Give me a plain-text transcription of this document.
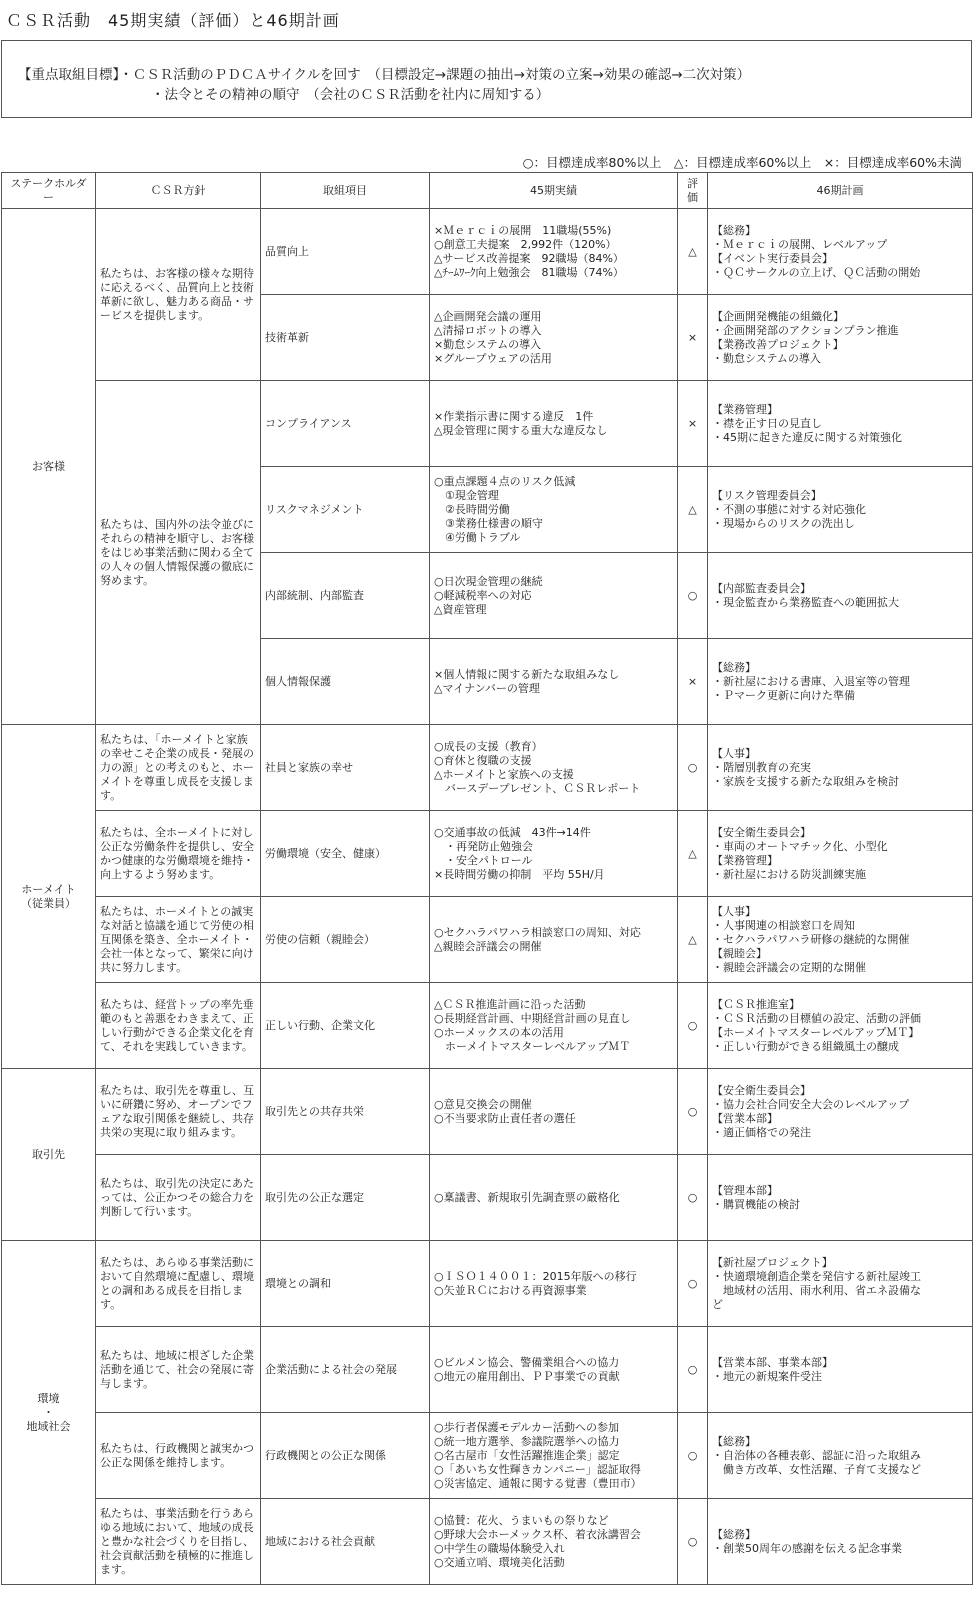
ＣＳＲ活動　45期実績（評価）と46期計画
【重点取組目標】・ＣＳＲ活動のＰＤＣＡサイクルを回す　（目標設定→課題の抽出→対策の立案→効果の確認→二次対策）
・法令とその精神の順守　（会社のＣＳＲ活動を社内に周知する）
○：目標達成率80%以上　△：目標達成率60%以上　×：目標達成率60%未満
ステークホルダー	ＣＳＲ方針	取組項目	45期実績	評価	46期計画
お客様	私たちは、お客様の様々な期待に応えるべく、品質向上と技術革新に欲し、魅力ある商品・サービスを提供します。	品質向上	×Ｍｅｒｃｉの展開　11職場(55%)
○創意工夫提案　2,992件（120%）
△サービス改善提案　92職場（84%）
△ﾁｰﾑﾜｰｸ向上勉強会　81職場（74%）	△	【総務】
・Ｍｅｒｃｉの展開、レベルアップ
【イベント実行委員会】
・ＱＣサークルの立上げ、ＱＣ活動の開始

		技術革新	△企画開発会議の運用
△清掃ロボットの導入
×勤怠システムの導入
×グループウェアの活用	×	【企画開発機能の組織化】
・企画開発部のアクションプラン推進
【業務改善プロジェクト】
・勤怠システムの導入

	私たちは、国内外の法令並びにそれらの精神を順守し、お客様をはじめ事業活動に関わる全ての人々の個人情報保護の徹底に努めます。	コンプライアンス	×作業指示書に関する違反　1件
△現金管理に関する重大な違反なし	×	【業務管理】
・襟を正す日の見直し
・45期に起きた違反に関する対策強化

		リスクマネジメント	○重点課題４点のリスク低減
　①現金管理
　②長時間労働
　③業務仕様書の順守
　④労働トラブル	△	【リスク管理委員会】
・不測の事態に対する対応強化
・現場からのリスクの洗出し

		内部統制、内部監査	○日次現金管理の継続
○軽減税率への対応
△資産管理	○	【内部監査委員会】
・現金監査から業務監査への範囲拡大

		個人情報保護	×個人情報に関する新たな取組みなし
△マイナンバーの管理	×	【総務】
・新社屋における書庫、入退室等の管理
・Ｐマーク更新に向けた準備

ホーメイト
（従業員）	私たちは、「ホーメイトと家族の幸せこそ企業の成長・発展の力の源」との考えのもと、ホーメイトを尊重し成長を支援します。	社員と家族の幸せ	○成長の支援（教育）
○育休と復職の支援
△ホーメイトと家族への支援
　バースデープレゼント、ＣＳＲレポート	○	【人事】
・階層別教育の充実
・家族を支援する新たな取組みを検討

	私たちは、全ホーメイトに対し公正な労働条件を提供し、安全かつ健康的な労働環境を維持・向上するよう努めます。	労働環境（安全、健康）	○交通事故の低減　43件→14件
　・再発防止勉強会
　・安全パトロール
×長時間労働の抑制　平均 55H/月	△	【安全衛生委員会】
・車両のオートマチック化、小型化
【業務管理】
・新社屋における防災訓練実施

	私たちは、ホーメイトとの誠実な対話と協議を通じて労使の相互関係を築き、全ホーメイト・会社一体となって、繁栄に向け共に努力します。	労使の信頼（親睦会）	○セクハラパワハラ相談窓口の周知、対応
△親睦会評議会の開催	△	【人事】
・人事関連の相談窓口を周知
・セクハラパワハラ研修の継続的な開催
【親睦会】
・親睦会評議会の定期的な開催

	私たちは、経営トップの率先垂範のもと善悪をわきまえて、正しい行動ができる企業文化を育て、それを実践していきます。	正しい行動、企業文化	△ＣＳＲ推進計画に沿った活動
○長期経営計画、中期経営計画の見直し
○ホーメックスの本の活用
　ホーメイトマスターレベルアップＭＴ	○	【ＣＳＲ推進室】
・ＣＳＲ活動の目標値の設定、活動の評価
【ホーメイトマスターレベルアップＭＴ】
・正しい行動ができる組織風土の醸成

取引先	私たちは、取引先を尊重し、互いに研鑽に努め、オープンでフェアな取引関係を継続し、共存共栄の実現に取り組みます。	取引先との共存共栄	○意見交換会の開催
○不当要求防止責任者の選任	○	【安全衛生委員会】
・協力会社合同安全大会のレベルアップ
【営業本部】
・適正価格での発注

	私たちは、取引先の決定にあたっては、公正かつその総合力を判断して行います。	取引先の公正な選定	○稟議書、新規取引先調査票の厳格化	○	【管理本部】
・購買機能の検討

環境
・
地域社会	私たちは、あらゆる事業活動において自然環境に配慮し、環境との調和ある成長を目指します。	環境との調和	○ＩＳＯ１４００１：2015年版への移行
○矢並ＲＣにおける再資源事業	○	【新社屋プロジェクト】
・快適環境創造企業を発信する新社屋竣工
　地域材の活用、雨水利用、省エネ設備な
ど

	私たちは、地域に根ざした企業活動を通じて、社会の発展に寄与します。	企業活動による社会の発展	○ビルメン協会、警備業組合への協力
○地元の雇用創出、ＰＰ事業での貢献	○	【営業本部、事業本部】
・地元の新規案件受注

	私たちは、行政機関と誠実かつ公正な関係を維持します。	行政機関との公正な関係	○歩行者保護モデルカー活動への参加
○統一地方選挙、参議院選挙への協力
○名古屋市「女性活躍推進企業」認定
○「あいち女性輝きカンパニー」認証取得
○災害協定、通報に関する覚書（豊田市）	○	【総務】
・自治体の各種表彰、認証に沿った取組み
　働き方改革、女性活躍、子育て支援など

	私たちは、事業活動を行うあらゆる地域において、地域の成長と豊かな社会づくりを目指し、社会貢献活動を積極的に推進します。	地域における社会貢献	○協賛：花火、うまいもの祭りなど
○野球大会ホーメックス杯、着衣泳講習会
○中学生の職場体験受入れ
○交通立哨、環境美化活動	○	【総務】
・創業50周年の感謝を伝える記念事業
